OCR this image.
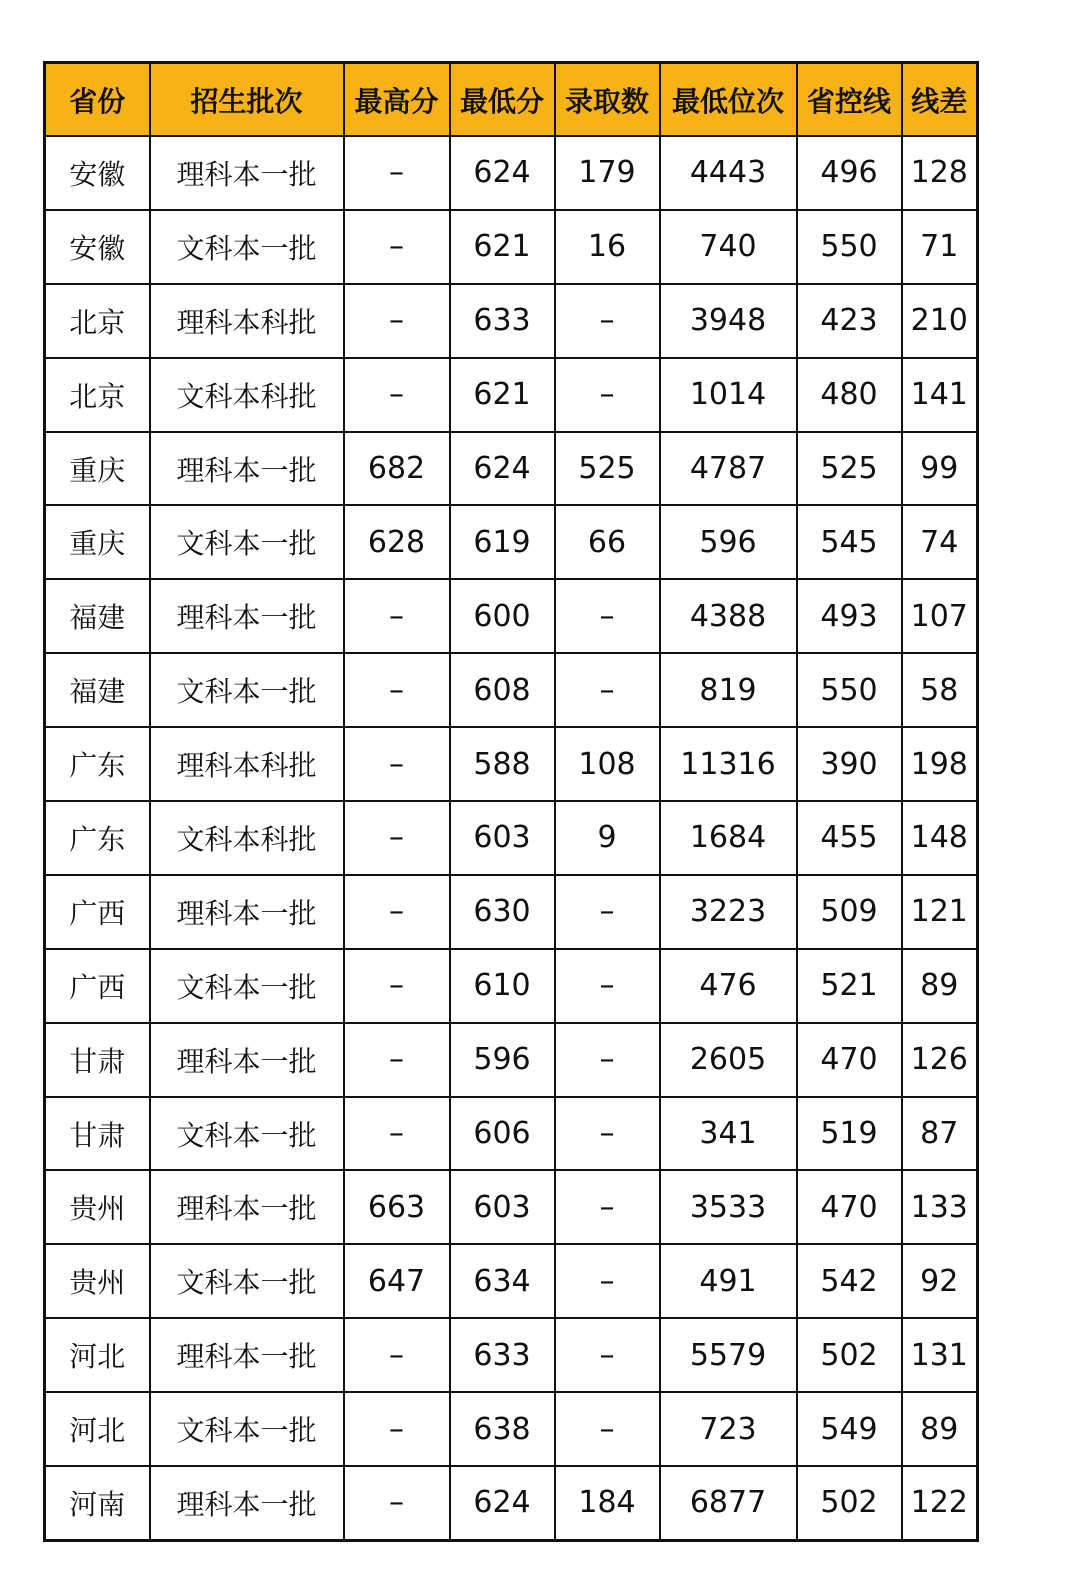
省份	招生批次	最高分	最低分	录取数	最低位次	省控线	线差
安徽	理科本一批	–	624	179	4443	496	128
安徽	文科本一批	–	621	16	740	550	71
北京	理科本科批	–	633	–	3948	423	210
北京	文科本科批	–	621	–	1014	480	141
重庆	理科本一批	682	624	525	4787	525	99
重庆	文科本一批	628	619	66	596	545	74
福建	理科本一批	–	600	–	4388	493	107
福建	文科本一批	–	608	–	819	550	58
广东	理科本科批	–	588	108	11316	390	198
广东	文科本科批	–	603	9	1684	455	148
广西	理科本一批	–	630	–	3223	509	121
广西	文科本一批	–	610	–	476	521	89
甘肃	理科本一批	–	596	–	2605	470	126
甘肃	文科本一批	–	606	–	341	519	87
贵州	理科本一批	663	603	–	3533	470	133
贵州	文科本一批	647	634	–	491	542	92
河北	理科本一批	–	633	–	5579	502	131
河北	文科本一批	–	638	–	723	549	89
河南	理科本一批	–	624	184	6877	502	122
